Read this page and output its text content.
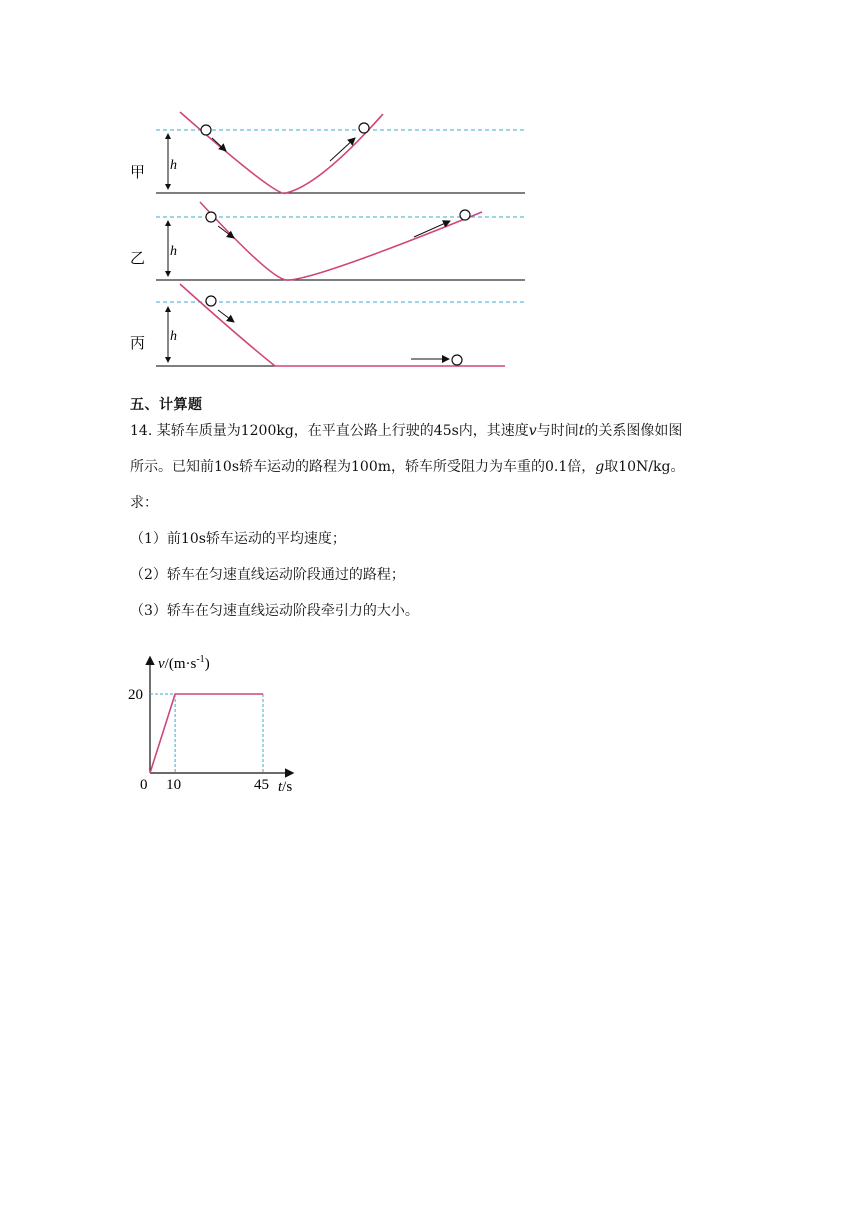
甲 h
乙 h
丙 h
五、计算题
14. 某轿车质量为1200kg，在平直公路上行驶的45s内，其速度v与时间t的关系图像如图
所示。已知前10s轿车运动的路程为100m，轿车所受阻力为车重的0.1倍，g取10N/kg。
求：
（1）前10s轿车运动的平均速度；
（2）轿车在匀速直线运动阶段通过的路程；
（3）轿车在匀速直线运动阶段牵引力的大小。
$v/(m\cdot s^{-1})$
t/s
0 10	45
20
